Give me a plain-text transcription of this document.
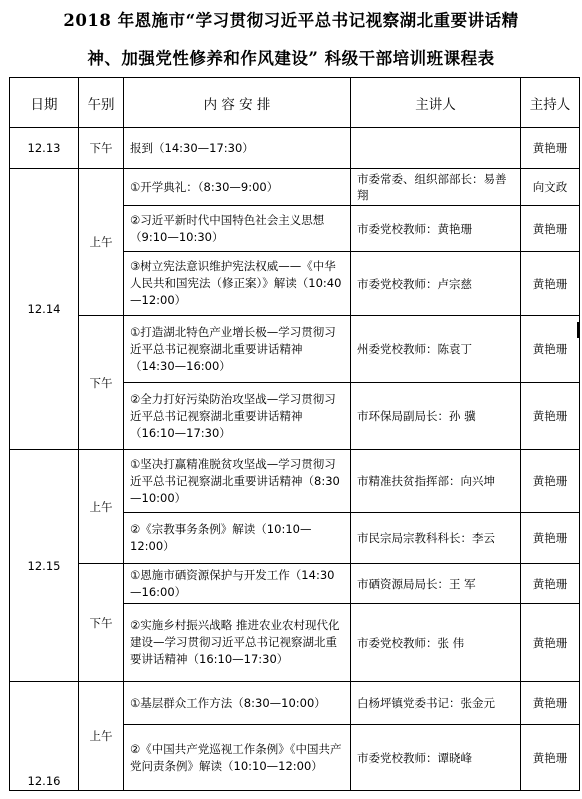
2018 年恩施市“学习贯彻习近平总书记视察湖北重要讲话精
神、加强党性修养和作风建设” 科级干部培训班课程表
日期	午别	内 容 安 排	主讲人	主持人
12.13	下午	报到（14:30—17:30）		黄艳珊
12.14	上午	①开学典礼：（8:30—9:00）	市委常委、组织部部长：易善翔	向文政
		②习近平新时代中国特色社会主义思想（9:10—10:30）	市委党校教师：黄艳珊	黄艳珊
		③树立宪法意识维护宪法权威——《中华人民共和国宪法（修正案）》解读（10:40—12:00）	市委党校教师：卢宗慈	黄艳珊
	下午	①打造湖北特色产业增长极—学习贯彻习近平总书记视察湖北重要讲话精神（14:30—16:00）	州委党校教师：陈袁丁	黄艳珊
		②全力打好污染防治攻坚战—学习贯彻习近平总书记视察湖北重要讲话精神（16:10—17:30）	市环保局副局长：孙 骥	黄艳珊
12.15	上午	①坚决打赢精准脱贫攻坚战—学习贯彻习近平总书记视察湖北重要讲话精神（8:30—10:00）	市精准扶贫指挥部：向兴坤	黄艳珊
		②《宗教事务条例》解读（10:10—12:00）	市民宗局宗教科科长：李云	黄艳珊
	下午	①恩施市硒资源保护与开发工作（14:30—16:00）	市硒资源局局长：王 军	黄艳珊
		②实施乡村振兴战略 推进农业农村现代化建设—学习贯彻习近平总书记视察湖北重要讲话精神（16:10—17:30）	市委党校教师：张 伟	黄艳珊
12.16	上午	①基层群众工作方法（8:30—10:00）	白杨坪镇党委书记：张金元	黄艳珊
		②《中国共产党巡视工作条例》《中国共产党问责条例》解读（10:10—12:00）	市委党校教师：谭晓峰	黄艳珊
